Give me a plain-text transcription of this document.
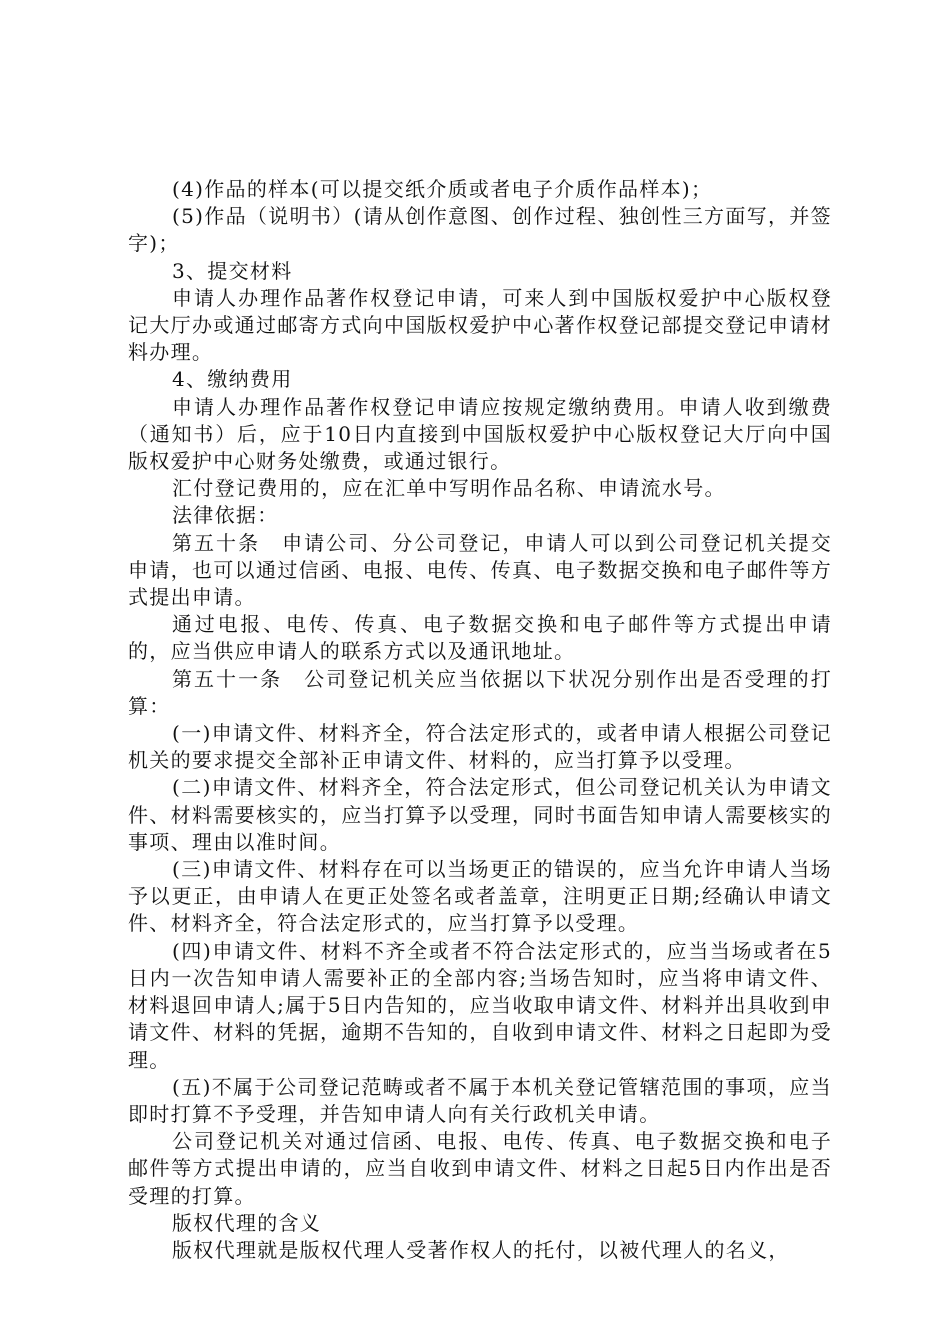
(4)作品的样本(可以提交纸介质或者电子介质作品样本)；

(5)作品（说明书）(请从创作意图、创作过程、独创性三方面写，并签字)；

3、提交材料

申请人办理作品著作权登记申请，可来人到中国版权爱护中心版权登记大厅办或通过邮寄方式向中国版权爱护中心著作权登记部提交登记申请材料办理。

4、缴纳费用

申请人办理作品著作权登记申请应按规定缴纳费用。申请人收到缴费（通知书）后，应于10日内直接到中国版权爱护中心版权登记大厅向中国版权爱护中心财务处缴费，或通过银行。

汇付登记费用的，应在汇单中写明作品名称、申请流水号。

法律依据：

第五十条　申请公司、分公司登记，申请人可以到公司登记机关提交申请，也可以通过信函、电报、电传、传真、电子数据交换和电子邮件等方式提出申请。

通过电报、电传、传真、电子数据交换和电子邮件等方式提出申请的，应当供应申请人的联系方式以及通讯地址。

第五十一条　公司登记机关应当依据以下状况分别作出是否受理的打算：

(一)申请文件、材料齐全，符合法定形式的，或者申请人根据公司登记机关的要求提交全部补正申请文件、材料的，应当打算予以受理。

(二)申请文件、材料齐全，符合法定形式，但公司登记机关认为申请文件、材料需要核实的，应当打算予以受理，同时书面告知申请人需要核实的事项、理由以准时间。

(三)申请文件、材料存在可以当场更正的错误的，应当允许申请人当场予以更正，由申请人在更正处签名或者盖章，注明更正日期;经确认申请文件、材料齐全，符合法定形式的，应当打算予以受理。

(四)申请文件、材料不齐全或者不符合法定形式的，应当当场或者在5日内一次告知申请人需要补正的全部内容;当场告知时，应当将申请文件、材料退回申请人;属于5日内告知的，应当收取申请文件、材料并出具收到申请文件、材料的凭据，逾期不告知的，自收到申请文件、材料之日起即为受理。

(五)不属于公司登记范畴或者不属于本机关登记管辖范围的事项，应当即时打算不予受理，并告知申请人向有关行政机关申请。

公司登记机关对通过信函、电报、电传、传真、电子数据交换和电子邮件等方式提出申请的，应当自收到申请文件、材料之日起5日内作出是否受理的打算。

版权代理的含义

版权代理就是版权代理人受著作权人的托付，以被代理人的名义，
